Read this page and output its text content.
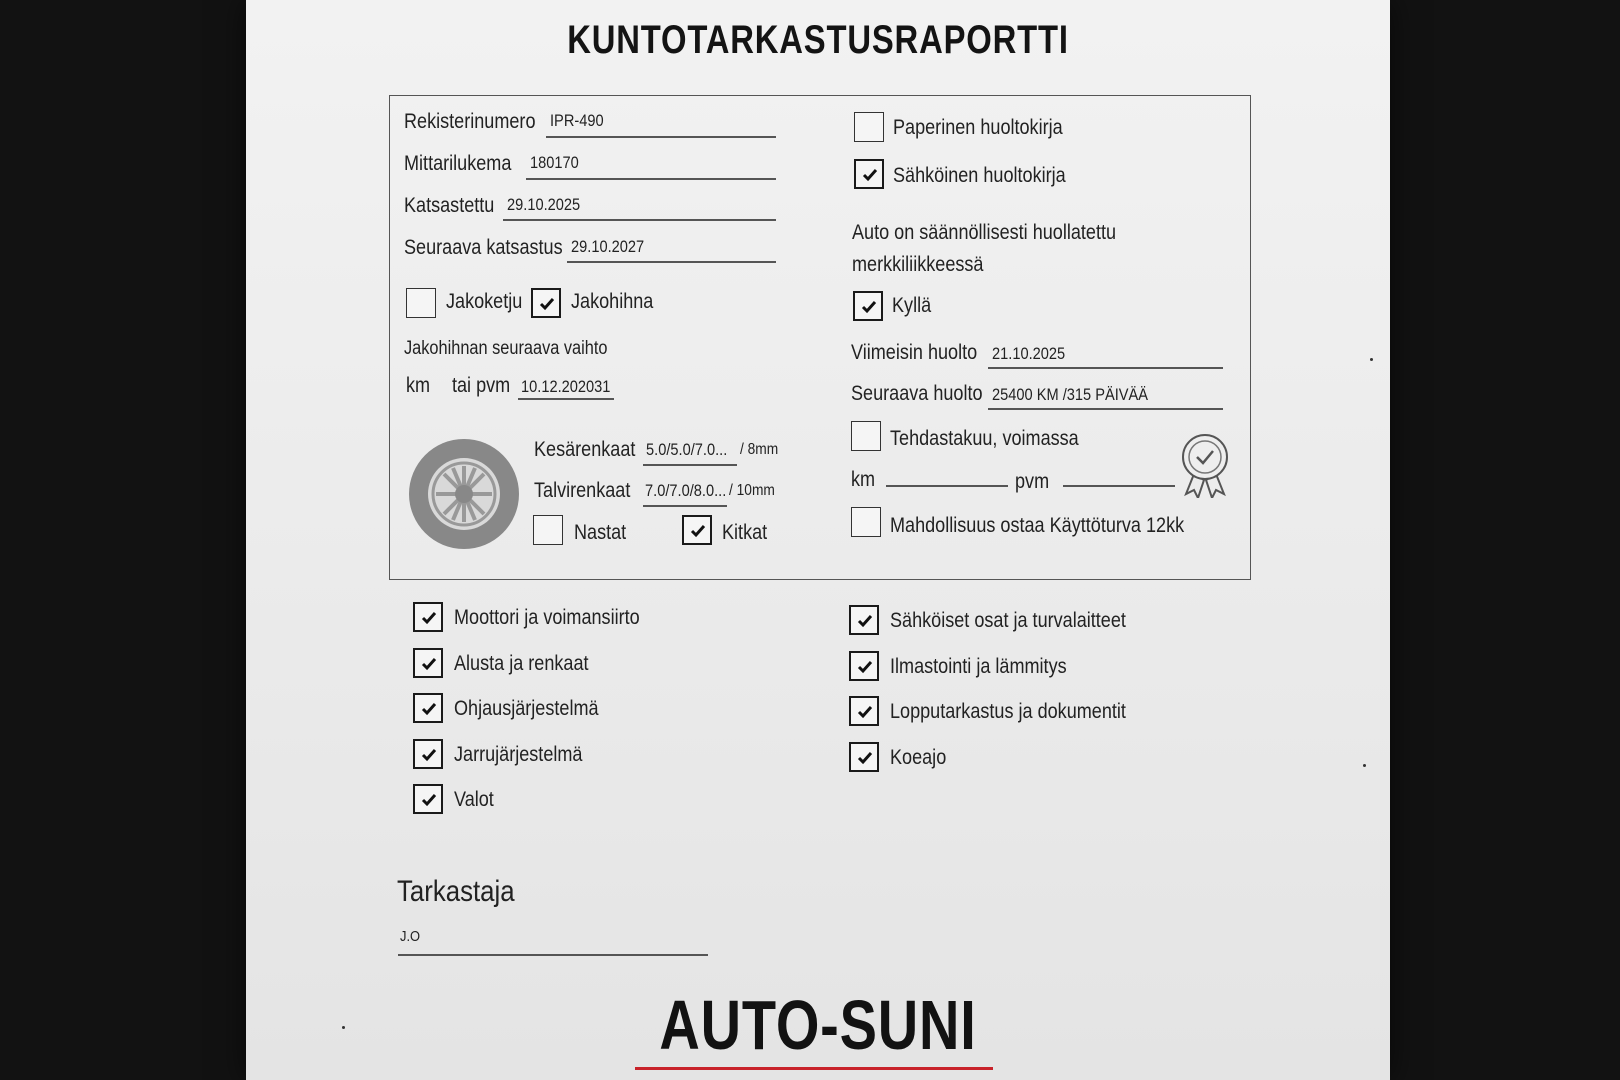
KUNTOTARKASTUSRAPORTTI
Rekisterinumero IPR-490
Mittarilukema 180170
Katsastettu 29.10.2025
Seuraava katsastus 29.10.2027
Jakoketju Jakohihna
Jakohihnan seuraava vaihto
km tai pvm 10.12.202031
Kesärenkaat 5.0/5.0/7.0... / 8mm
Talvirenkaat 7.0/7.0/8.0... / 10mm
Nastat	Kitkat
Paperinen huoltokirja
Sähköinen huoltokirja
Auto on säännöllisesti huollatettu
merkkiliikkeessä
Kyllä
Viimeisin huolto 21.10.2025
Seuraava huolto 25400 KM /315 PÄIVÄÄ
Tehdastakuu, voimassa
km	pvm
Mahdollisuus ostaa Käyttöturva 12kk
Moottori ja voimansiirto
Alusta ja renkaat
Ohjausjärjestelmä
Jarrujärjestelmä
Valot
Sähköiset osat ja turvalaitteet
Ilmastointi ja lämmitys
Lopputarkastus ja dokumentit
Koeajo
Tarkastaja
J.O
AUTO-SUNI
